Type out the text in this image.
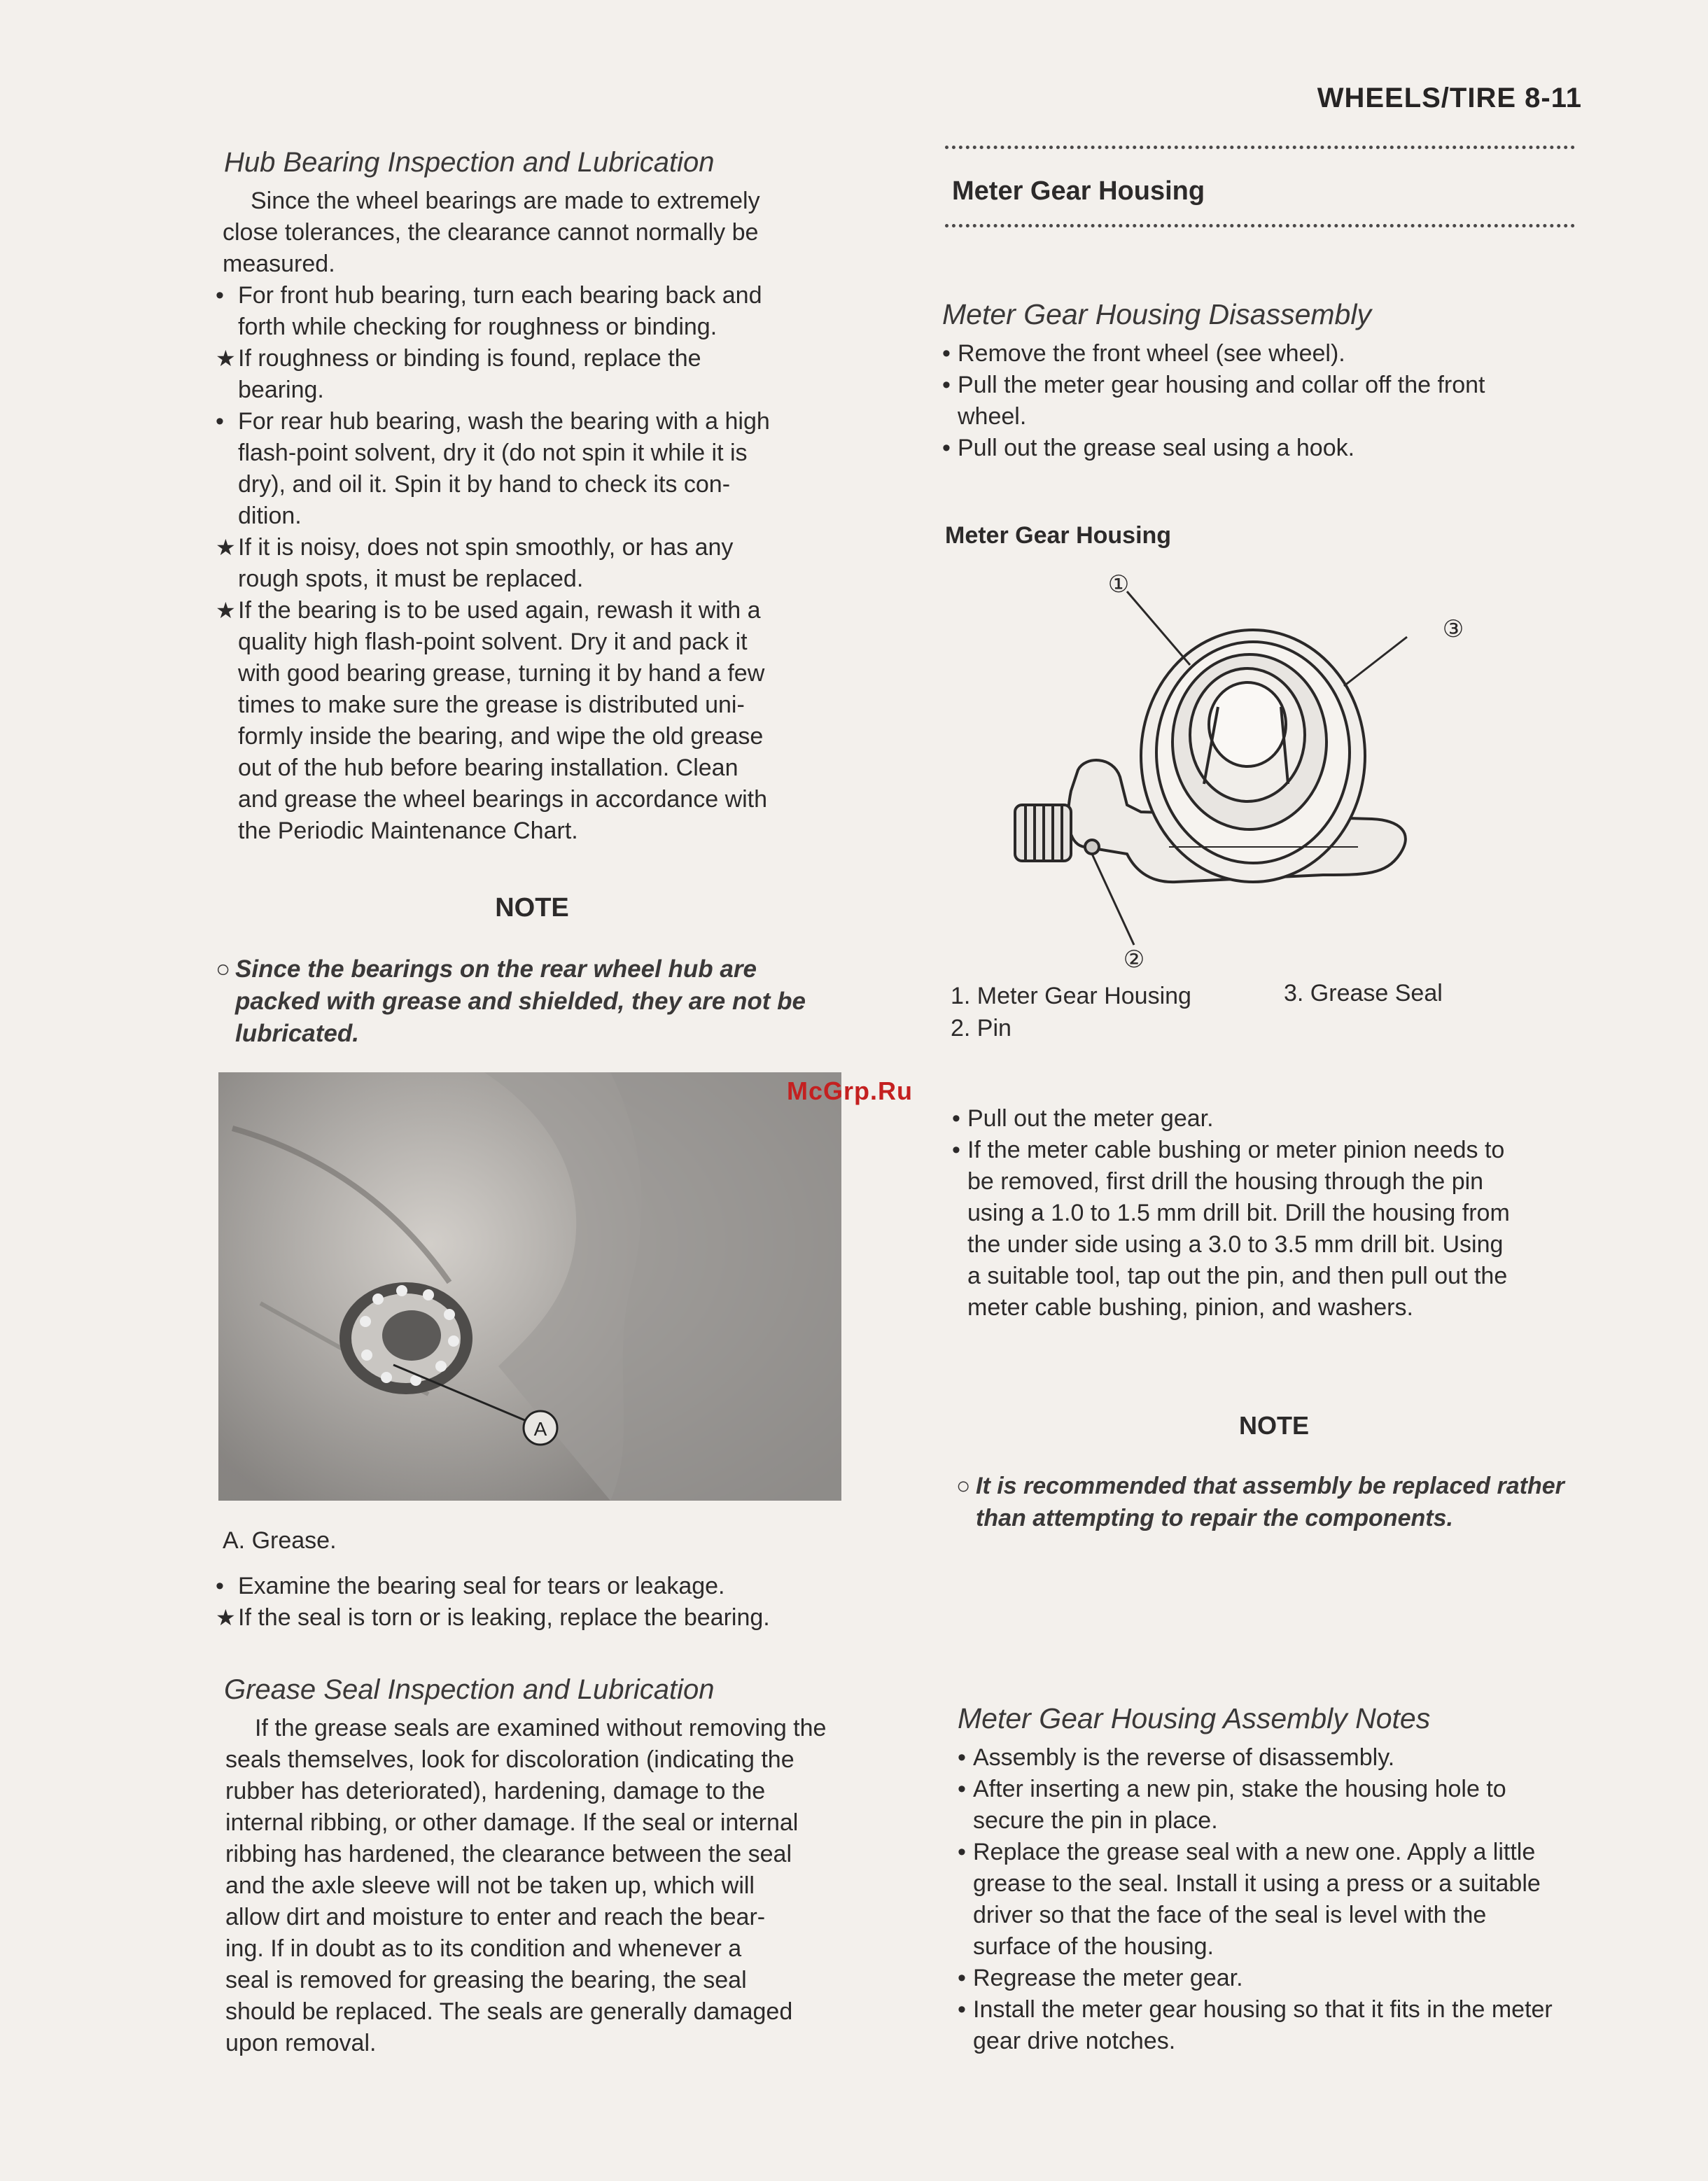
WHEELS/TIRE 8-11
Hub Bearing Inspection and Lubrication
Since the wheel bearings are made to extremely
close tolerances, the clearance cannot normally be
measured.
• For front hub bearing, turn each bearing back and
forth while checking for roughness or binding.
★ If roughness or binding is found, replace the
bearing.
• For rear hub bearing, wash the bearing with a high
flash-point solvent, dry it (do not spin it while it is
dry), and oil it. Spin it by hand to check its con-
dition.
★ If it is noisy, does not spin smoothly, or has any
rough spots, it must be replaced.
★ If the bearing is to be used again, rewash it with a
quality high flash-point solvent. Dry it and pack it
with good bearing grease, turning it by hand a few
times to make sure the grease is distributed uni-
formly inside the bearing, and wipe the old grease
out of the hub before bearing installation. Clean
and grease the wheel bearings in accordance with
the Periodic Maintenance Chart.
NOTE
○ Since the bearings on the rear wheel hub are
packed with grease and shielded, they are not be
lubricated.
A
A. Grease.
• Examine the bearing seal for tears or leakage.
★ If the seal is torn or is leaking, replace the bearing.
Grease Seal Inspection and Lubrication
If the grease seals are examined without removing the
seals themselves, look for discoloration (indicating the
rubber has deteriorated), hardening, damage to the
internal ribbing, or other damage. If the seal or internal
ribbing has hardened, the clearance between the seal
and the axle sleeve will not be taken up, which will
allow dirt and moisture to enter and reach the bear-
ing. If in doubt as to its condition and whenever a
seal is removed for greasing the bearing, the seal
should be replaced. The seals are generally damaged
upon removal.
Meter Gear Housing
Meter Gear Housing Disassembly
• Remove the front wheel (see wheel).
• Pull the meter gear housing and collar off the front
wheel.
• Pull out the grease seal using a hook.
Meter Gear Housing
①
②
③
1. Meter Gear Housing	3. Grease Seal
2. Pin
McGrp.Ru
• Pull out the meter gear.
• If the meter cable bushing or meter pinion needs to
be removed, first drill the housing through the pin
using a 1.0 to 1.5 mm drill bit. Drill the housing from
the under side using a 3.0 to 3.5 mm drill bit. Using
a suitable tool, tap out the pin, and then pull out the
meter cable bushing, pinion, and washers.
NOTE
○ It is recommended that assembly be replaced rather
than attempting to repair the components.
Meter Gear Housing Assembly Notes
• Assembly is the reverse of disassembly.
• After inserting a new pin, stake the housing hole to
secure the pin in place.
• Replace the grease seal with a new one. Apply a little
grease to the seal. Install it using a press or a suitable
driver so that the face of the seal is level with the
surface of the housing.
• Regrease the meter gear.
• Install the meter gear housing so that it fits in the meter
gear drive notches.
